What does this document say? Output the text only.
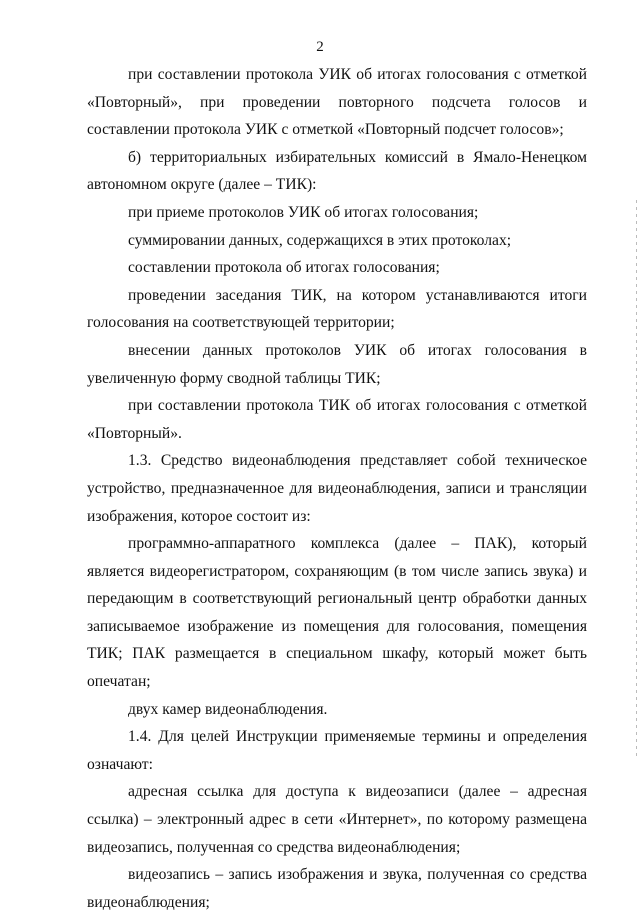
2

при составлении протокола УИК об итогах голосования с отметкой «Повторный», при проведении повторного подсчета голосов и составлении протокола УИК с отметкой «Повторный подсчет голосов»;

б) территориальных избирательных комиссий в Ямало-Ненецком автономном округе (далее – ТИК):

при приеме протоколов УИК об итогах голосования;

суммировании данных, содержащихся в этих протоколах;

составлении протокола об итогах голосования;

проведении заседания ТИК, на котором устанавливаются итоги голосования на соответствующей территории;

внесении данных протоколов УИК об итогах голосования в увеличенную форму сводной таблицы ТИК;

при составлении протокола ТИК об итогах голосования с отметкой «Повторный».

1.3. Средство видеонаблюдения представляет собой техническое устройство, предназначенное для видеонаблюдения, записи и трансляции изображения, которое состоит из:

программно-аппаратного комплекса (далее – ПАК), который является видеорегистратором, сохраняющим (в том числе запись звука) и передающим в соответствующий региональный центр обработки данных записываемое изображение из помещения для голосования, помещения ТИК; ПАК размещается в специальном шкафу, который может быть опечатан;

двух камер видеонаблюдения.

1.4. Для целей Инструкции применяемые термины и определения означают:

адресная ссылка для доступа к видеозаписи (далее – адресная ссылка) – электронный адрес в сети «Интернет», по которому размещена видеозапись, полученная со средства видеонаблюдения;

видеозапись – запись изображения и звука, полученная со средства видеонаблюдения;
